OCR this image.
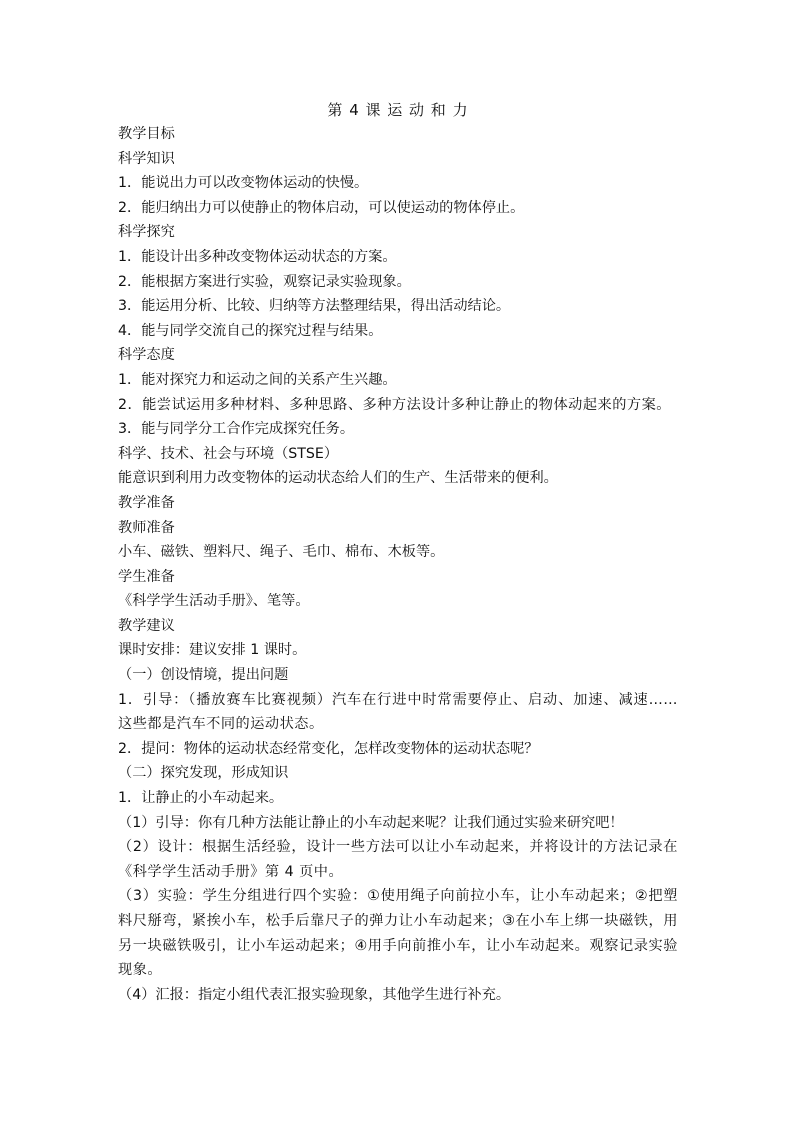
第 4 课 运 动 和 力
教学目标
科学知识
1．能说出力可以改变物体运动的快慢。
2．能归纳出力可以使静止的物体启动，可以使运动的物体停止。
科学探究
1．能设计出多种改变物体运动状态的方案。
2．能根据方案进行实验，观察记录实验现象。
3．能运用分析、比较、归纳等方法整理结果，得出活动结论。
4．能与同学交流自己的探究过程与结果。
科学态度
1．能对探究力和运动之间的关系产生兴趣。
2．能尝试运用多种材料、多种思路、多种方法设计多种让静止的物体动起来的方案。
3．能与同学分工合作完成探究任务。
科学、技术、社会与环境（STSE）
能意识到利用力改变物体的运动状态给人们的生产、生活带来的便利。
教学准备
教师准备
小车、磁铁、塑料尺、绳子、毛巾、棉布、木板等。
学生准备
《科学学生活动手册》、笔等。
教学建议
课时安排：建议安排 1 课时。
（一）创设情境，提出问题
1．引导：（播放赛车比赛视频）汽车在行进中时常需要停止、启动、加速、减速……这些都是汽车不同的运动状态。
2．提问：物体的运动状态经常变化，怎样改变物体的运动状态呢？
（二）探究发现，形成知识
1．让静止的小车动起来。
（1）引导：你有几种方法能让静止的小车动起来呢？让我们通过实验来研究吧！
（2）设计：根据生活经验，设计一些方法可以让小车动起来，并将设计的方法记录在《科学学生活动手册》第 4 页中。
（3）实验：学生分组进行四个实验：①使用绳子向前拉小车，让小车动起来；②把塑料尺掰弯，紧挨小车，松手后靠尺子的弹力让小车动起来；③在小车上绑一块磁铁，用另一块磁铁吸引，让小车运动起来；④用手向前推小车，让小车动起来。观察记录实验现象。
（4）汇报：指定小组代表汇报实验现象，其他学生进行补充。
